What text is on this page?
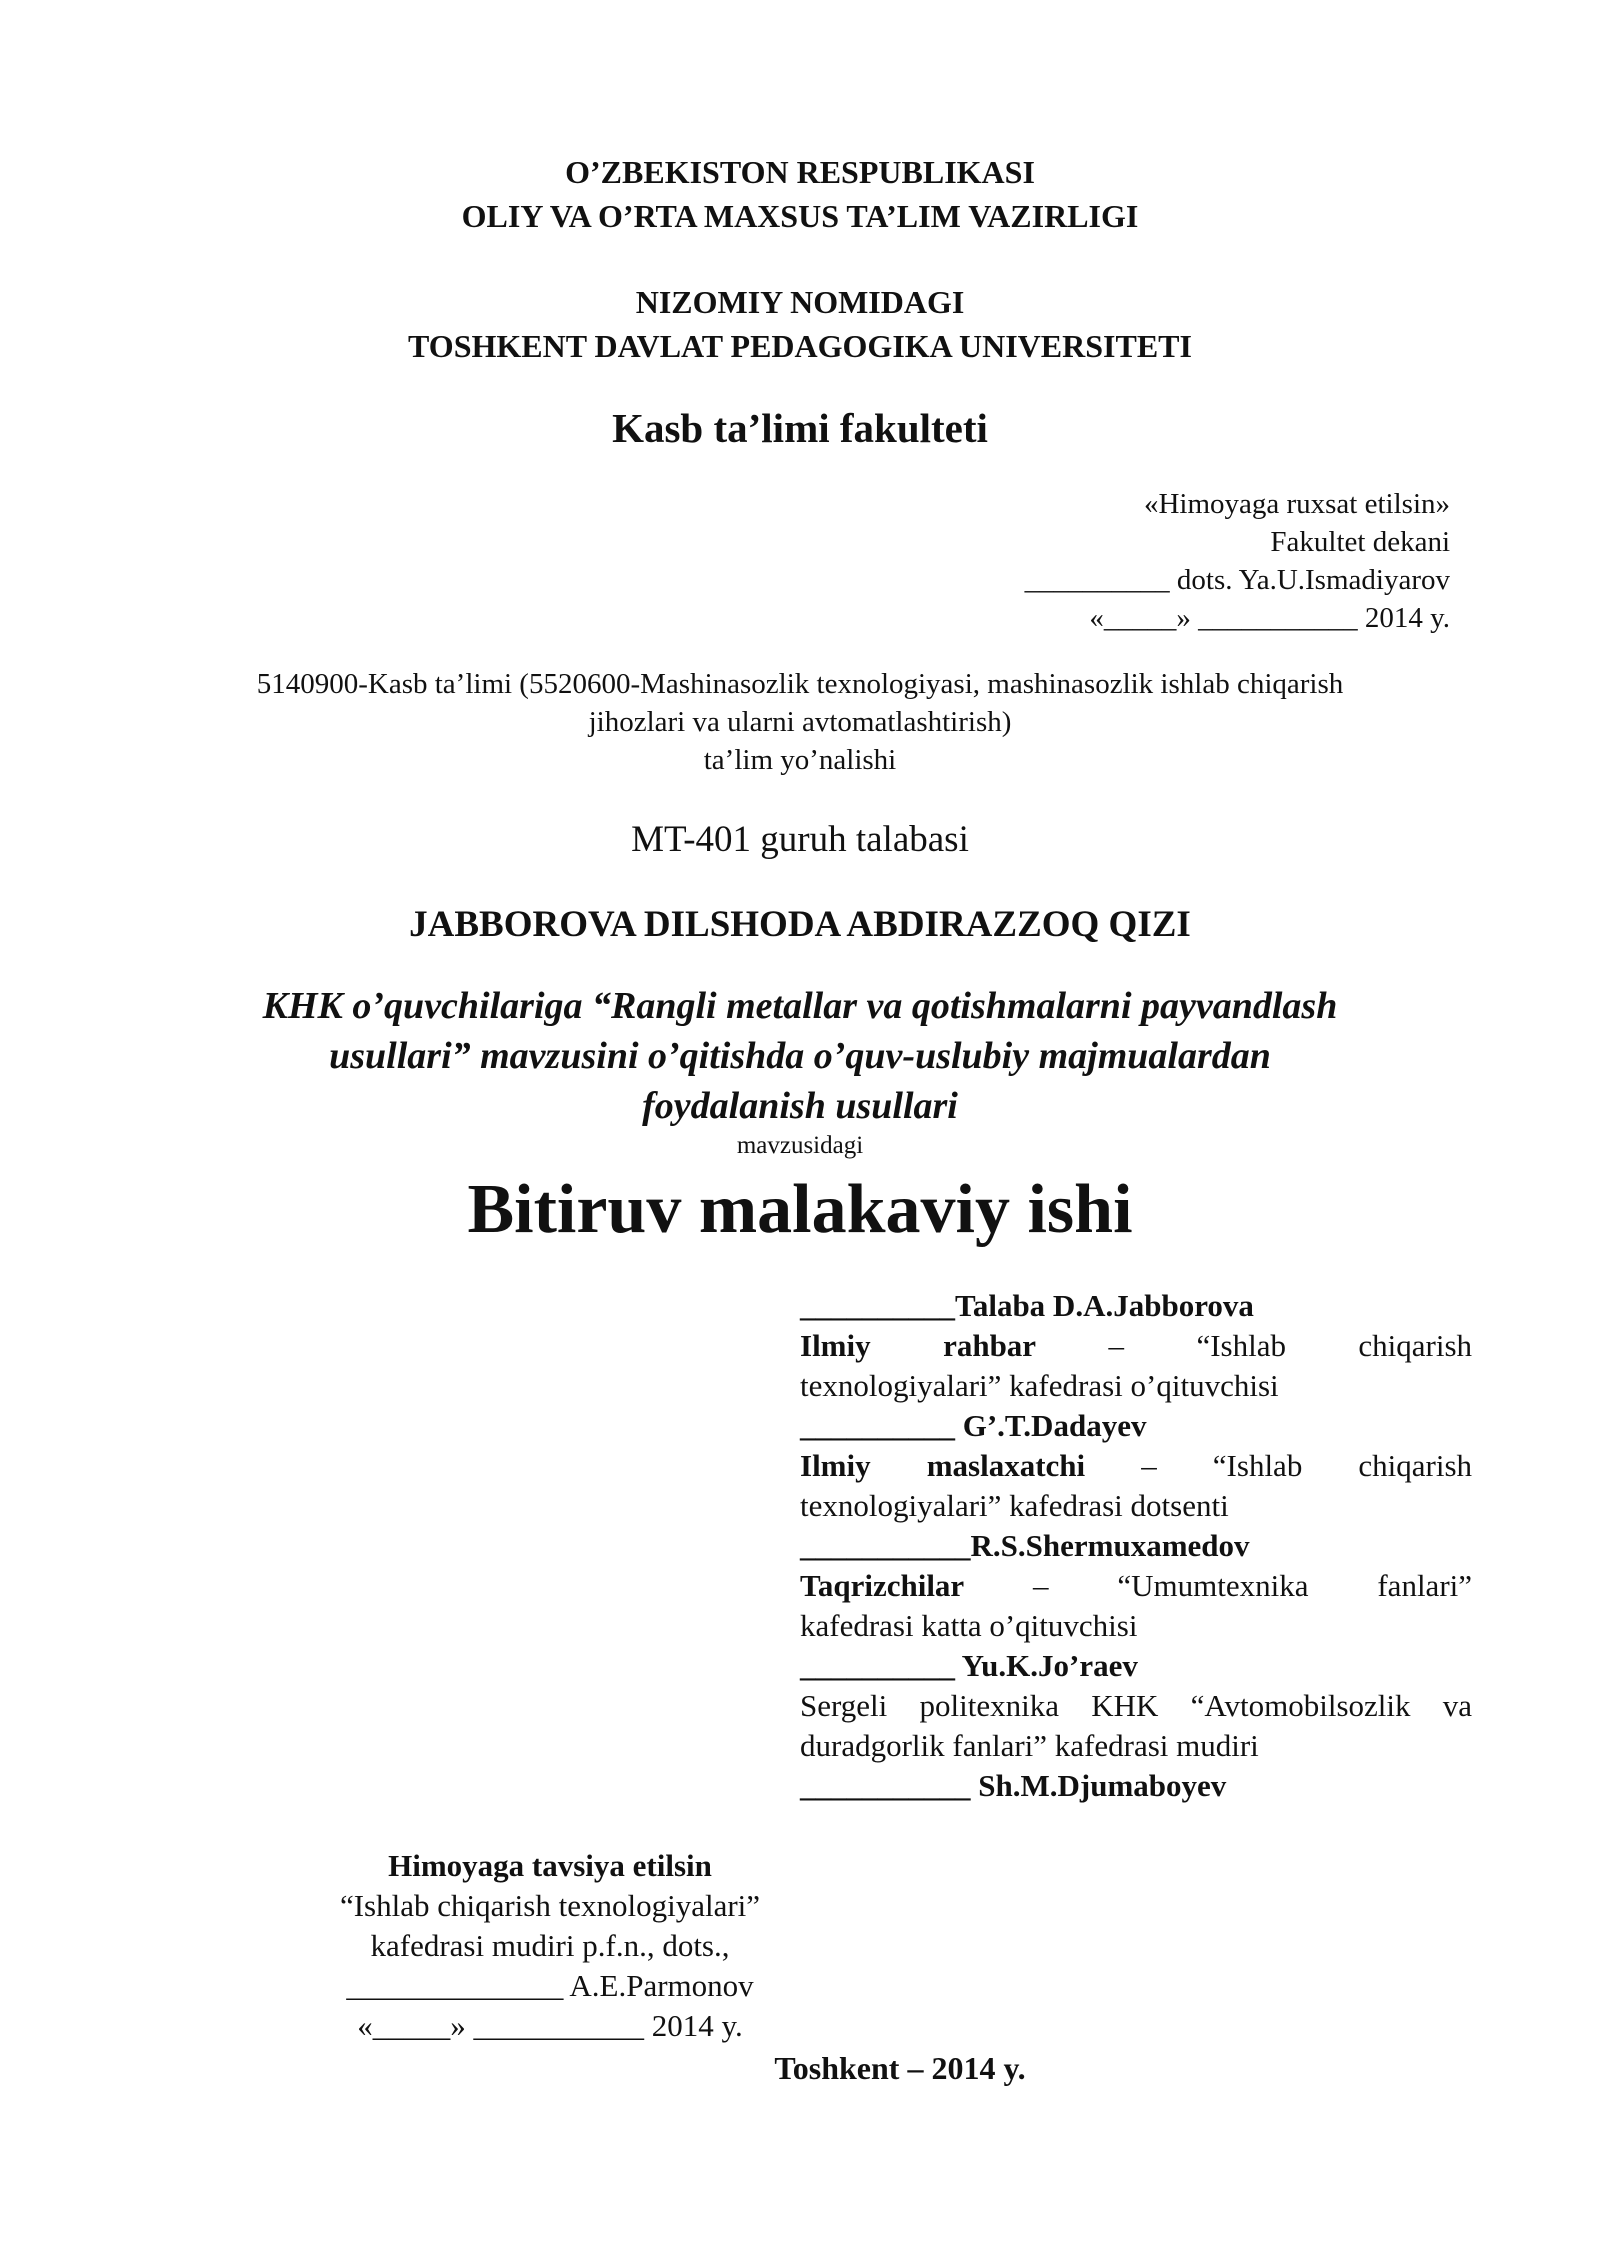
O’ZBEKISTON RESPUBLIKASI
OLIY VA O’RTA MAXSUS TA’LIM VAZIRLIGI
NIZOMIY NOMIDAGI
TOSHKENT DAVLAT PEDAGOGIKA UNIVERSITETI
Kasb ta’limi fakulteti
«Himoyaga ruxsat etilsin»
Fakultet dekani
__________ dots. Ya.U.Ismadiyarov
«_____» ___________ 2014 y.
5140900-Kasb ta’limi (5520600-Mashinasozlik texnologiyasi, mashinasozlik ishlab chiqarish
jihozlari va ularni avtomatlashtirish)
ta’lim yo’nalishi
MT-401 guruh talabasi
JABBOROVA DILSHODA ABDIRAZZOQ QIZI
KHK o’quvchilariga “Rangli metallar va qotishmalarni payvandlash
usullari” mavzusini o’qitishda o’quv-uslubiy majmualardan
foydalanish usullari
mavzusidagi
Bitiruv malakaviy ishi
__________Talaba D.A.Jabborova
Ilmiy rahbar – “Ishlab chiqarish
texnologiyalari” kafedrasi o’qituvchisi
__________ G’.T.Dadayev
Ilmiy maslaxatchi – “Ishlab chiqarish
texnologiyalari” kafedrasi dotsenti
___________R.S.Shermuxamedov
Taqrizchilar – “Umumtexnika fanlari”
kafedrasi katta o’qituvchisi
__________ Yu.K.Jo’raev
Sergeli politexnika KHK “Avtomobilsozlik va
duradgorlik fanlari” kafedrasi mudiri
___________ Sh.M.Djumaboyev
Himoyaga tavsiya etilsin
“Ishlab chiqarish texnologiyalari”
kafedrasi mudiri p.f.n., dots.,
______________ A.E.Parmonov
«_____» ___________ 2014 y.
Toshkent – 2014 y.
